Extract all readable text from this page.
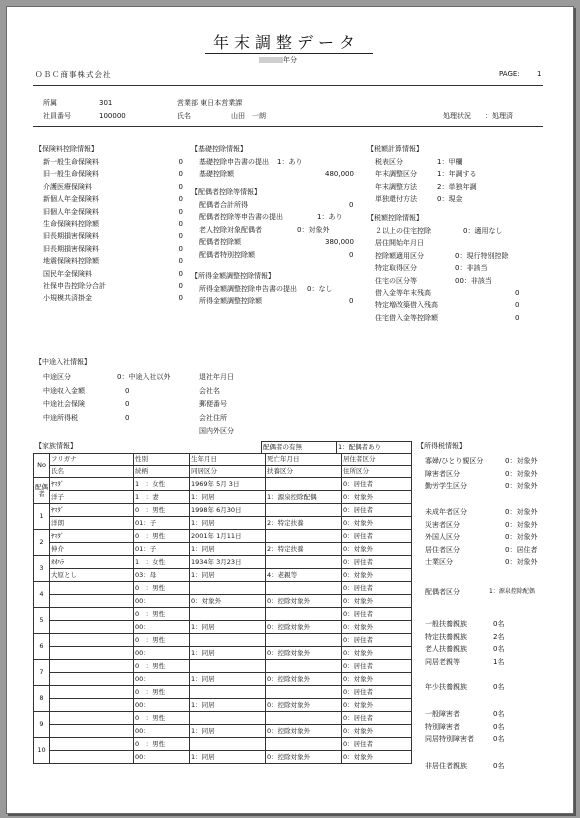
年末調整データ
年分
ＯＢＣ商事株式会社	PAGE: 1
所属	301	営業部 東日本営業課
社員番号	100000	氏名	山田　一朗	処理状況 ：処理済
【保険料控除情報】
新一般生命保険料	0
旧一般生命保険料	0
介護医療保険料	0
新個人年金保険料	0
旧個人年金保険料	0
生命保険料控除額	0
旧長期損害保険料	0
旧長期損害保険料	0
地震保険料控除額	0
国民年金保険料	0
社保申告控除分合計	0
小規模共済掛金	0
【基礎控除情報】
基礎控除申告書の提出 1：あり
基礎控除額	480,000
【配偶者控除等情報】
配偶者合計所得	0
配偶者控除等申告書の提出	1：あり
老人控除対象配偶者	0：対象外
配偶者控除額	380,000
配偶者特別控除額	0
【所得金額調整控除情報】
所得金額調整控除申告書の提出 0：なし
所得金額調整控除額	0
【税額計算情報】
税表区分	1：甲欄
年末調整区分	1：年調する
年末調整方法	2：単独年調
単独還付方法	0：現金
【税額控除情報】
２以上の住宅控除	0：適用なし
居住開始年月日
控除額適用区分	0：現行特別控除
特定取得区分	0：非該当
住宅の区分等	00：非該当
借入金等年末残高	0
特定増改築借入残高	0
住宅借入金等控除額	0
【中途入社情報】
中途区分	0：中途入社以外
中途収入金額	0
中途社会保険	0
中途所得税	0
退社年月日
会社名
郵便番号
会社住所
国内外区分
【所得税情報】
寡婦/ひとり親区分	0：対象外
障害者区分	0：対象外
勤労学生区分	0：対象外
未成年者区分	0：対象外
災害者区分	0：対象外
外国人区分	0：対象外
居住者区分	0：居住者
士業区分	0：対象外
配偶者区分	1：源泉控除配偶
一般扶養親族	0名
特定扶養親族	2名
老人扶養親族	0名
同居老親等	1名
年少扶養親族	0名
一般障害者	0名
特別障害者	0名
同居特別障害者	0名
非居住者親族	0名
【家族情報】	配偶者の有無	1：配偶者あり
No	フリガナ	性別	生年月日	死亡年月日	居住者区分
	氏名	続柄	同居区分	扶養区分	住所区分
配偶者	ﾔﾏﾀﾞ	1　：女性	1969年 5月 3日		0：居住者
	洋子	1　：妻	1：同居	1：源泉控除配偶	0：対象外
1	ﾔﾏﾀﾞ	0　：男性	1998年 6月30日		0：居住者
	洋朗	01：子	1：同居	2：特定扶養	0：対象外
2	ﾔﾏﾀﾞ	0　：男性	2001年 1月11日		0：居住者
	伸介	01：子	1：同居	2：特定扶養	0：対象外
3	ｵｵﾊﾗ	1　：女性	1934年 3月23日		0：居住者
	大原とし	03：母	1：同居	4：老親等	0：対象外
4		0　：男性			0：居住者
		00：	0：対象外	0：控除対象外	0：対象外
5		0　：男性			0：居住者
		00：	1：同居	0：控除対象外	0：対象外
6		0　：男性			0：居住者
		00：	1：同居	0：控除対象外	0：対象外
7		0　：男性			0：居住者
		00：	1：同居	0：控除対象外	0：対象外
8		0　：男性			0：居住者
		00：	1：同居	0：控除対象外	0：対象外
9		0　：男性			0：居住者
		00：	1：同居	0：控除対象外	0：対象外
10		0　：男性			0：居住者
		00：	1：同居	0：控除対象外	0：対象外
